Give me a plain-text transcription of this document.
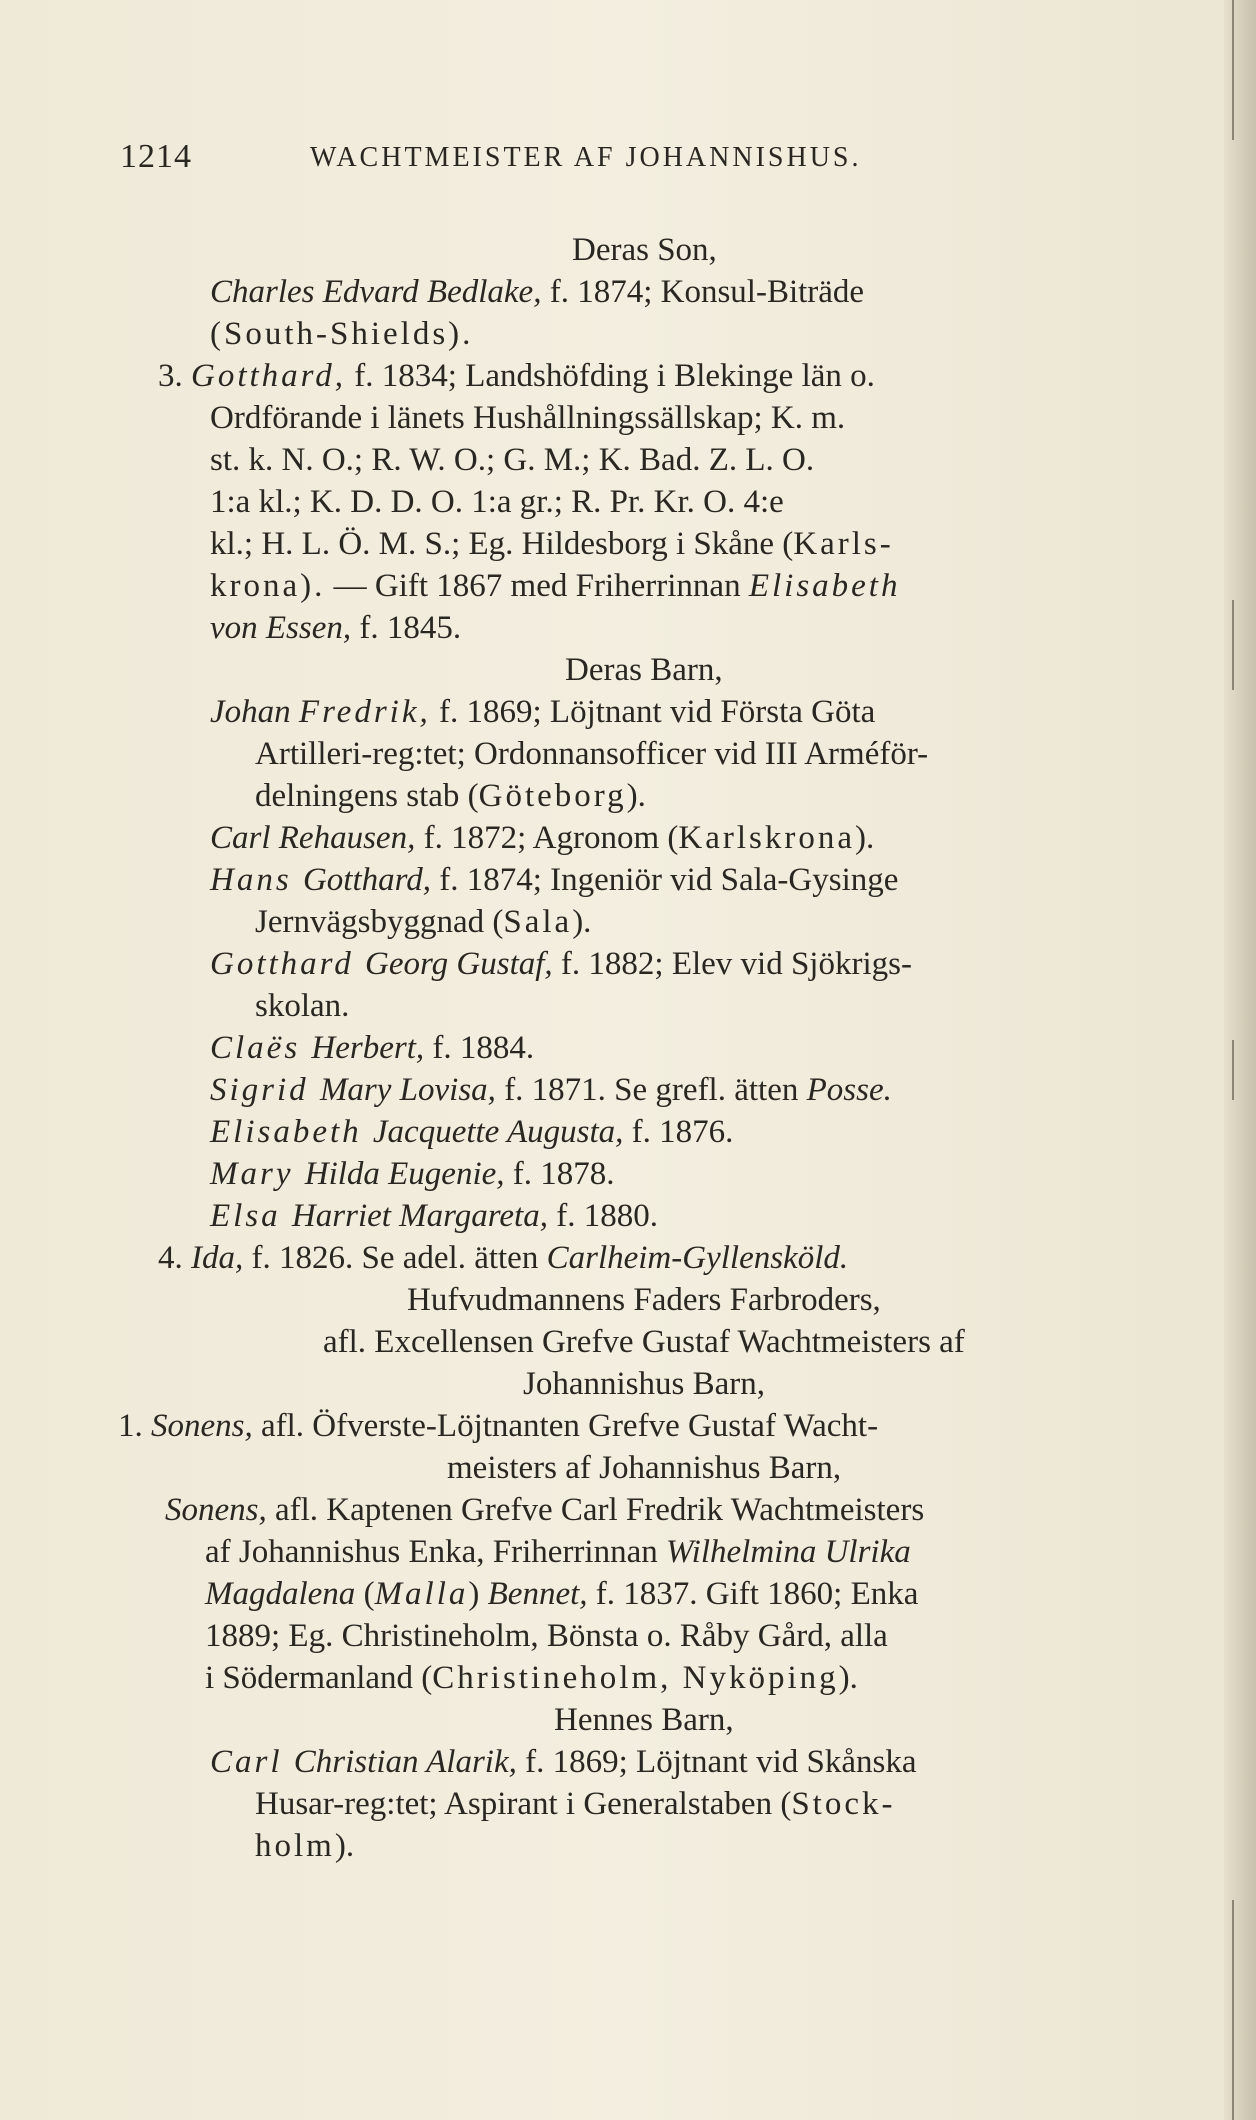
1214	WACHTMEISTER AF JOHANNISHUS.
Deras Son,
Charles Edvard Bedlake, f. 1874; Konsul-Biträde
(South-Shields).
3. Gotthard, f. 1834; Landshöfding i Blekinge län o.
Ordförande i länets Hushållningssällskap; K. m.
st. k. N. O.; R. W. O.; G. M.; K. Bad. Z. L. O.
1:a kl.; K. D. D. O. 1:a gr.; R. Pr. Kr. O. 4:e
kl.; H. L. Ö. M. S.; Eg. Hildesborg i Skåne (Karls-
krona). — Gift 1867 med Friherrinnan Elisabeth
von Essen, f. 1845.
Deras Barn,
Johan Fredrik, f. 1869; Löjtnant vid Första Göta
Artilleri-reg:tet; Ordonnansofficer vid III Arméför-
delningens stab (Göteborg).
Carl Rehausen, f. 1872; Agronom (Karlskrona).
Hans Gotthard, f. 1874; Ingeniör vid Sala-Gysinge
Jernvägsbyggnad (Sala).
Gotthard Georg Gustaf, f. 1882; Elev vid Sjökrigs-
skolan.
Claës Herbert, f. 1884.
Sigrid Mary Lovisa, f. 1871. Se grefl. ätten Posse.
Elisabeth Jacquette Augusta, f. 1876.
Mary Hilda Eugenie, f. 1878.
Elsa Harriet Margareta, f. 1880.
4. Ida, f. 1826. Se adel. ätten Carlheim-Gyllensköld.
Hufvudmannens Faders Farbroders,
afl. Excellensen Grefve Gustaf Wachtmeisters af
Johannishus Barn,
1. Sonens, afl. Öfverste-Löjtnanten Grefve Gustaf Wacht-
meisters af Johannishus Barn,
Sonens, afl. Kaptenen Grefve Carl Fredrik Wachtmeisters
af Johannishus Enka, Friherrinnan Wilhelmina Ulrika
Magdalena (Malla) Bennet, f. 1837. Gift 1860; Enka
1889; Eg. Christineholm, Bönsta o. Råby Gård, alla
i Södermanland (Christineholm, Nyköping).
Hennes Barn,
Carl Christian Alarik, f. 1869; Löjtnant vid Skånska
Husar-reg:tet; Aspirant i Generalstaben (Stock-
holm).
